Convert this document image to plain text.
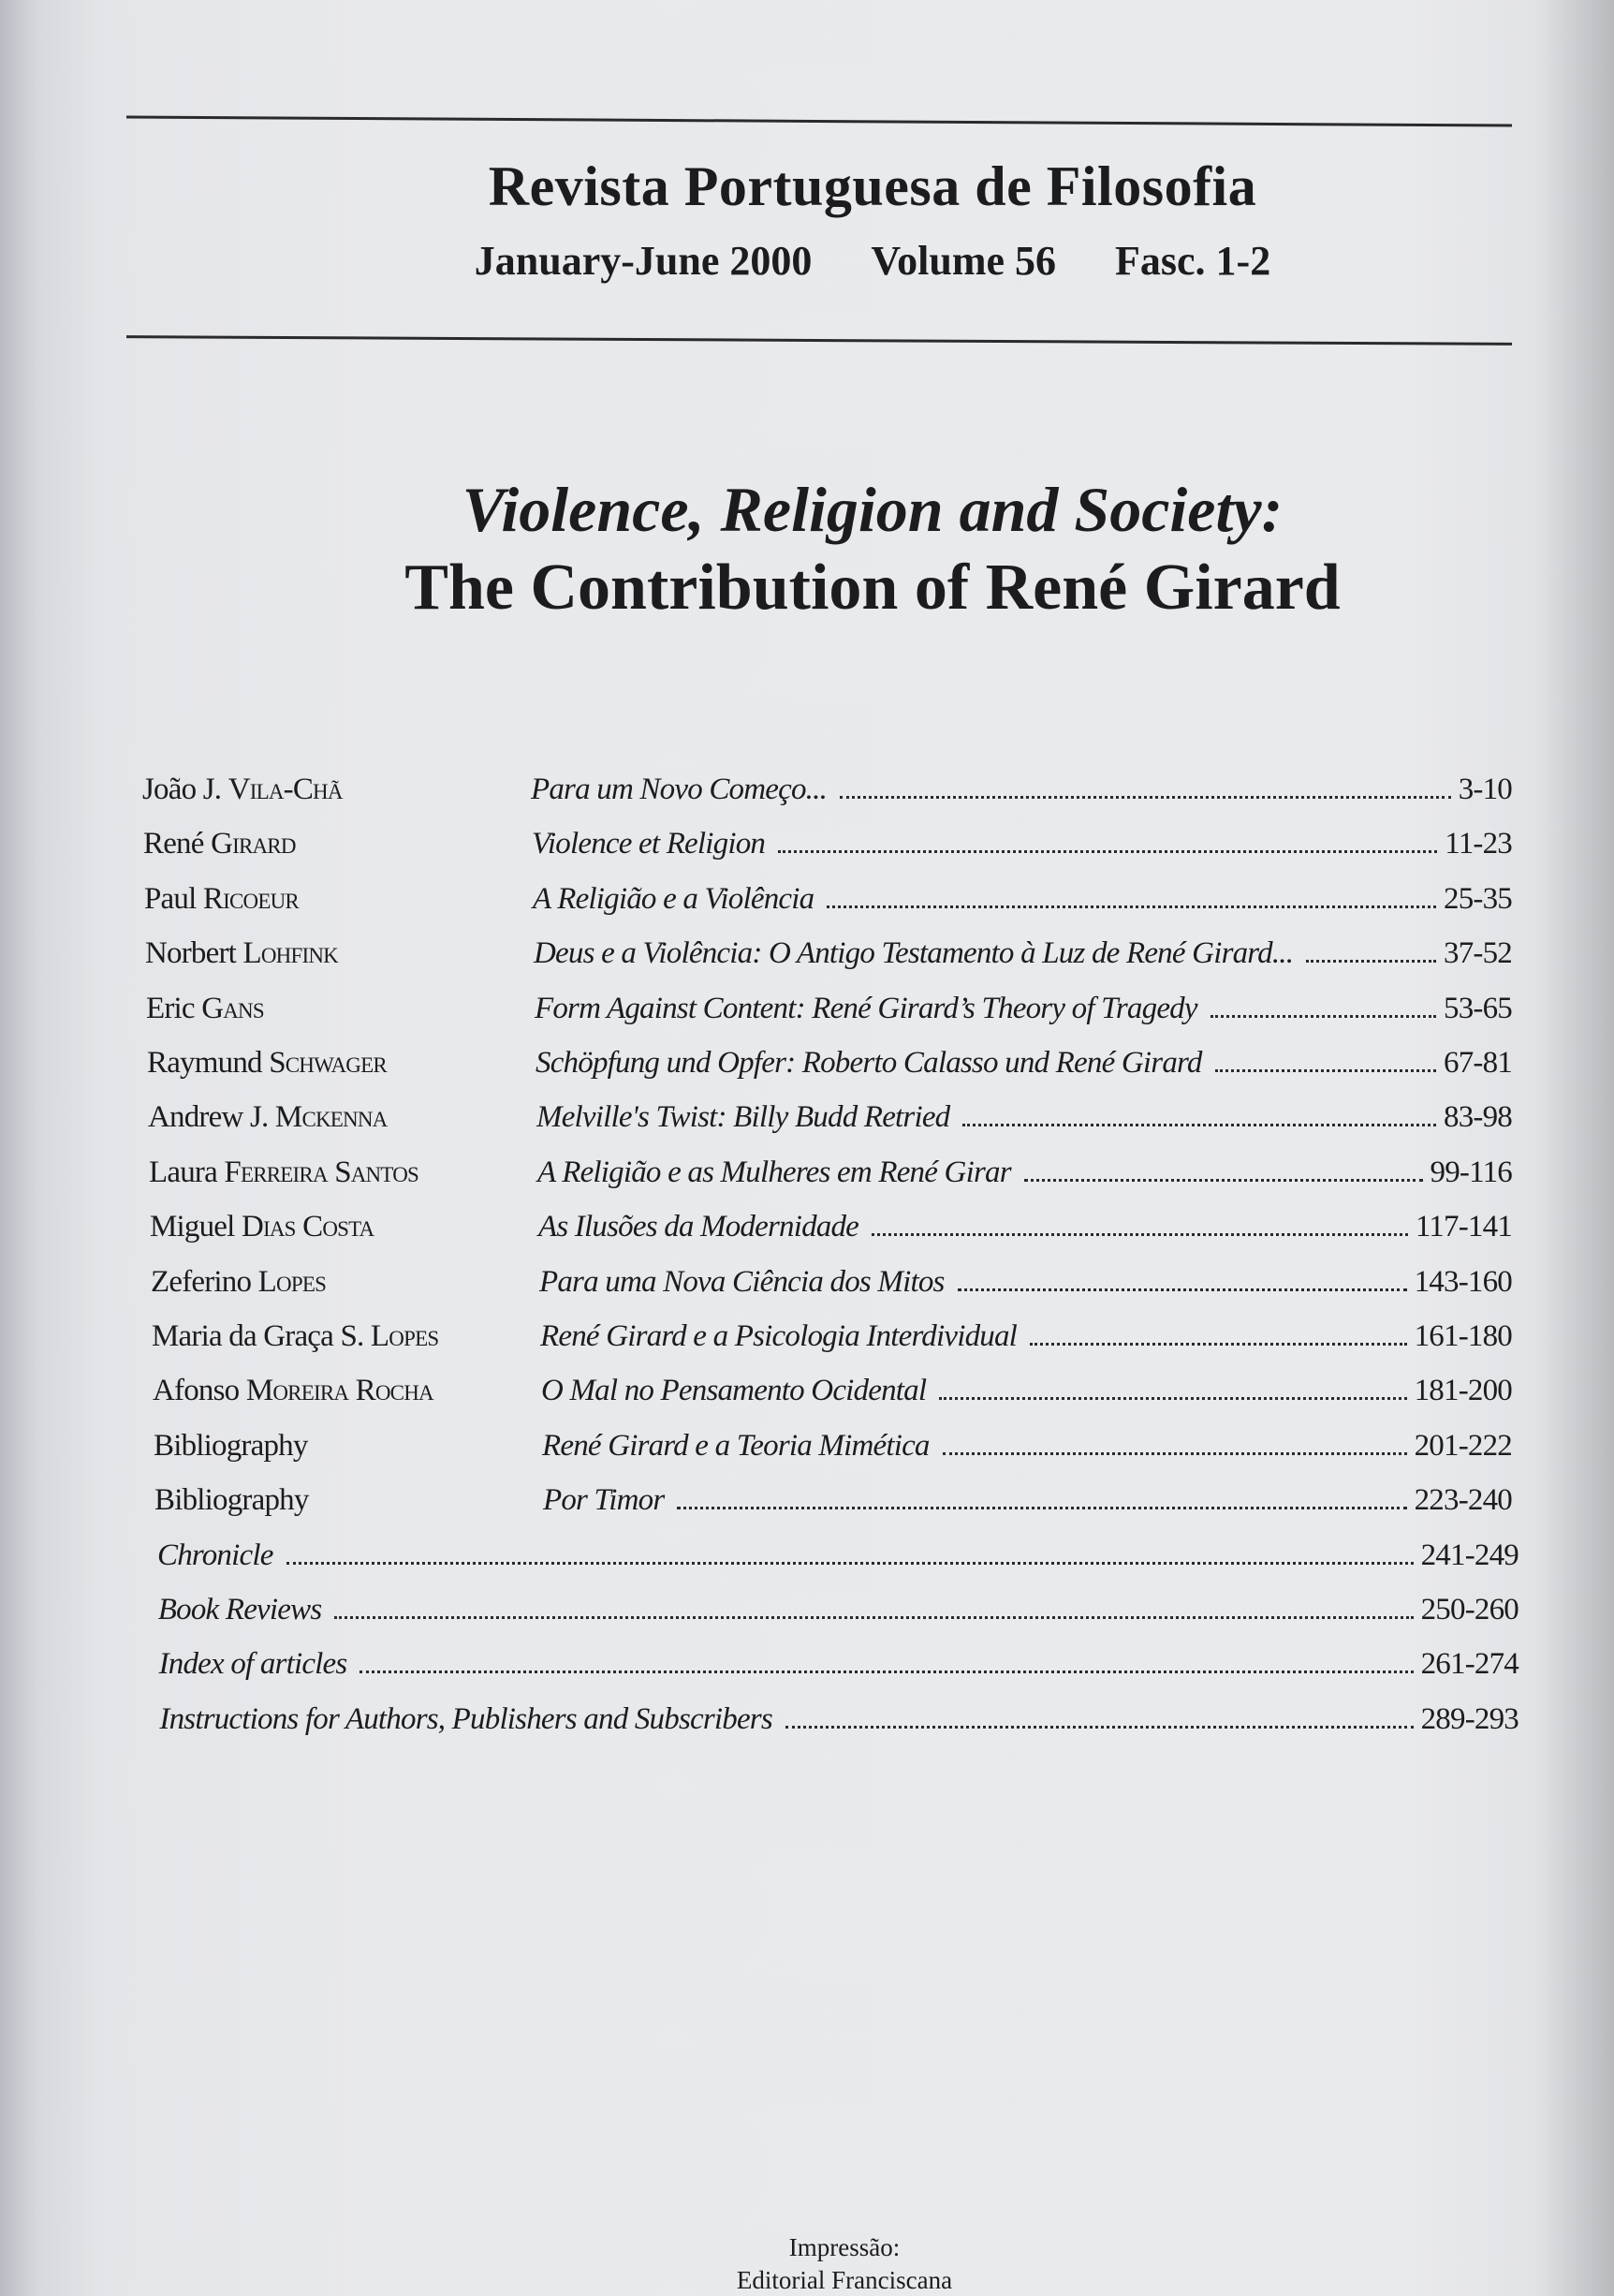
Revista Portuguesa de Filosofia
January-June 2000 Volume 56 Fasc. 1-2
Violence, Religion and Society:
The Contribution of René Girard
João J. Vila-Chã	Para um Novo Começo...	3-10
René Girard	Violence et Religion	11-23
Paul Ricoeur	A Religião e a Violência	25-35
Norbert Lohfink	Deus e a Violência: O Antigo Testamento à Luz de René Girard...	37-52
Eric Gans	Form Against Content: René Girard’s Theory of Tragedy	53-65
Raymund Schwager	Schöpfung und Opfer: Roberto Calasso und René Girard	67-81
Andrew J. Mckenna	Melville's Twist: Billy Budd Retried	83-98
Laura Ferreira Santos	A Religião e as Mulheres em René Girar	99-116
Miguel Dias Costa	As Ilusões da Modernidade	117-141
Zeferino Lopes	Para uma Nova Ciência dos Mitos	143-160
Maria da Graça S. Lopes	René Girard e a Psicologia Interdividual	161-180
Afonso Moreira Rocha	O Mal no Pensamento Ocidental	181-200
Bibliography	René Girard e a Teoria Mimética	201-222
Bibliography	Por Timor	223-240
Chronicle	241-249
Book Reviews	250-260
Index of articles	261-274
Instructions for Authors, Publishers and Subscribers	289-293
Impressão:
Editorial Franciscana
